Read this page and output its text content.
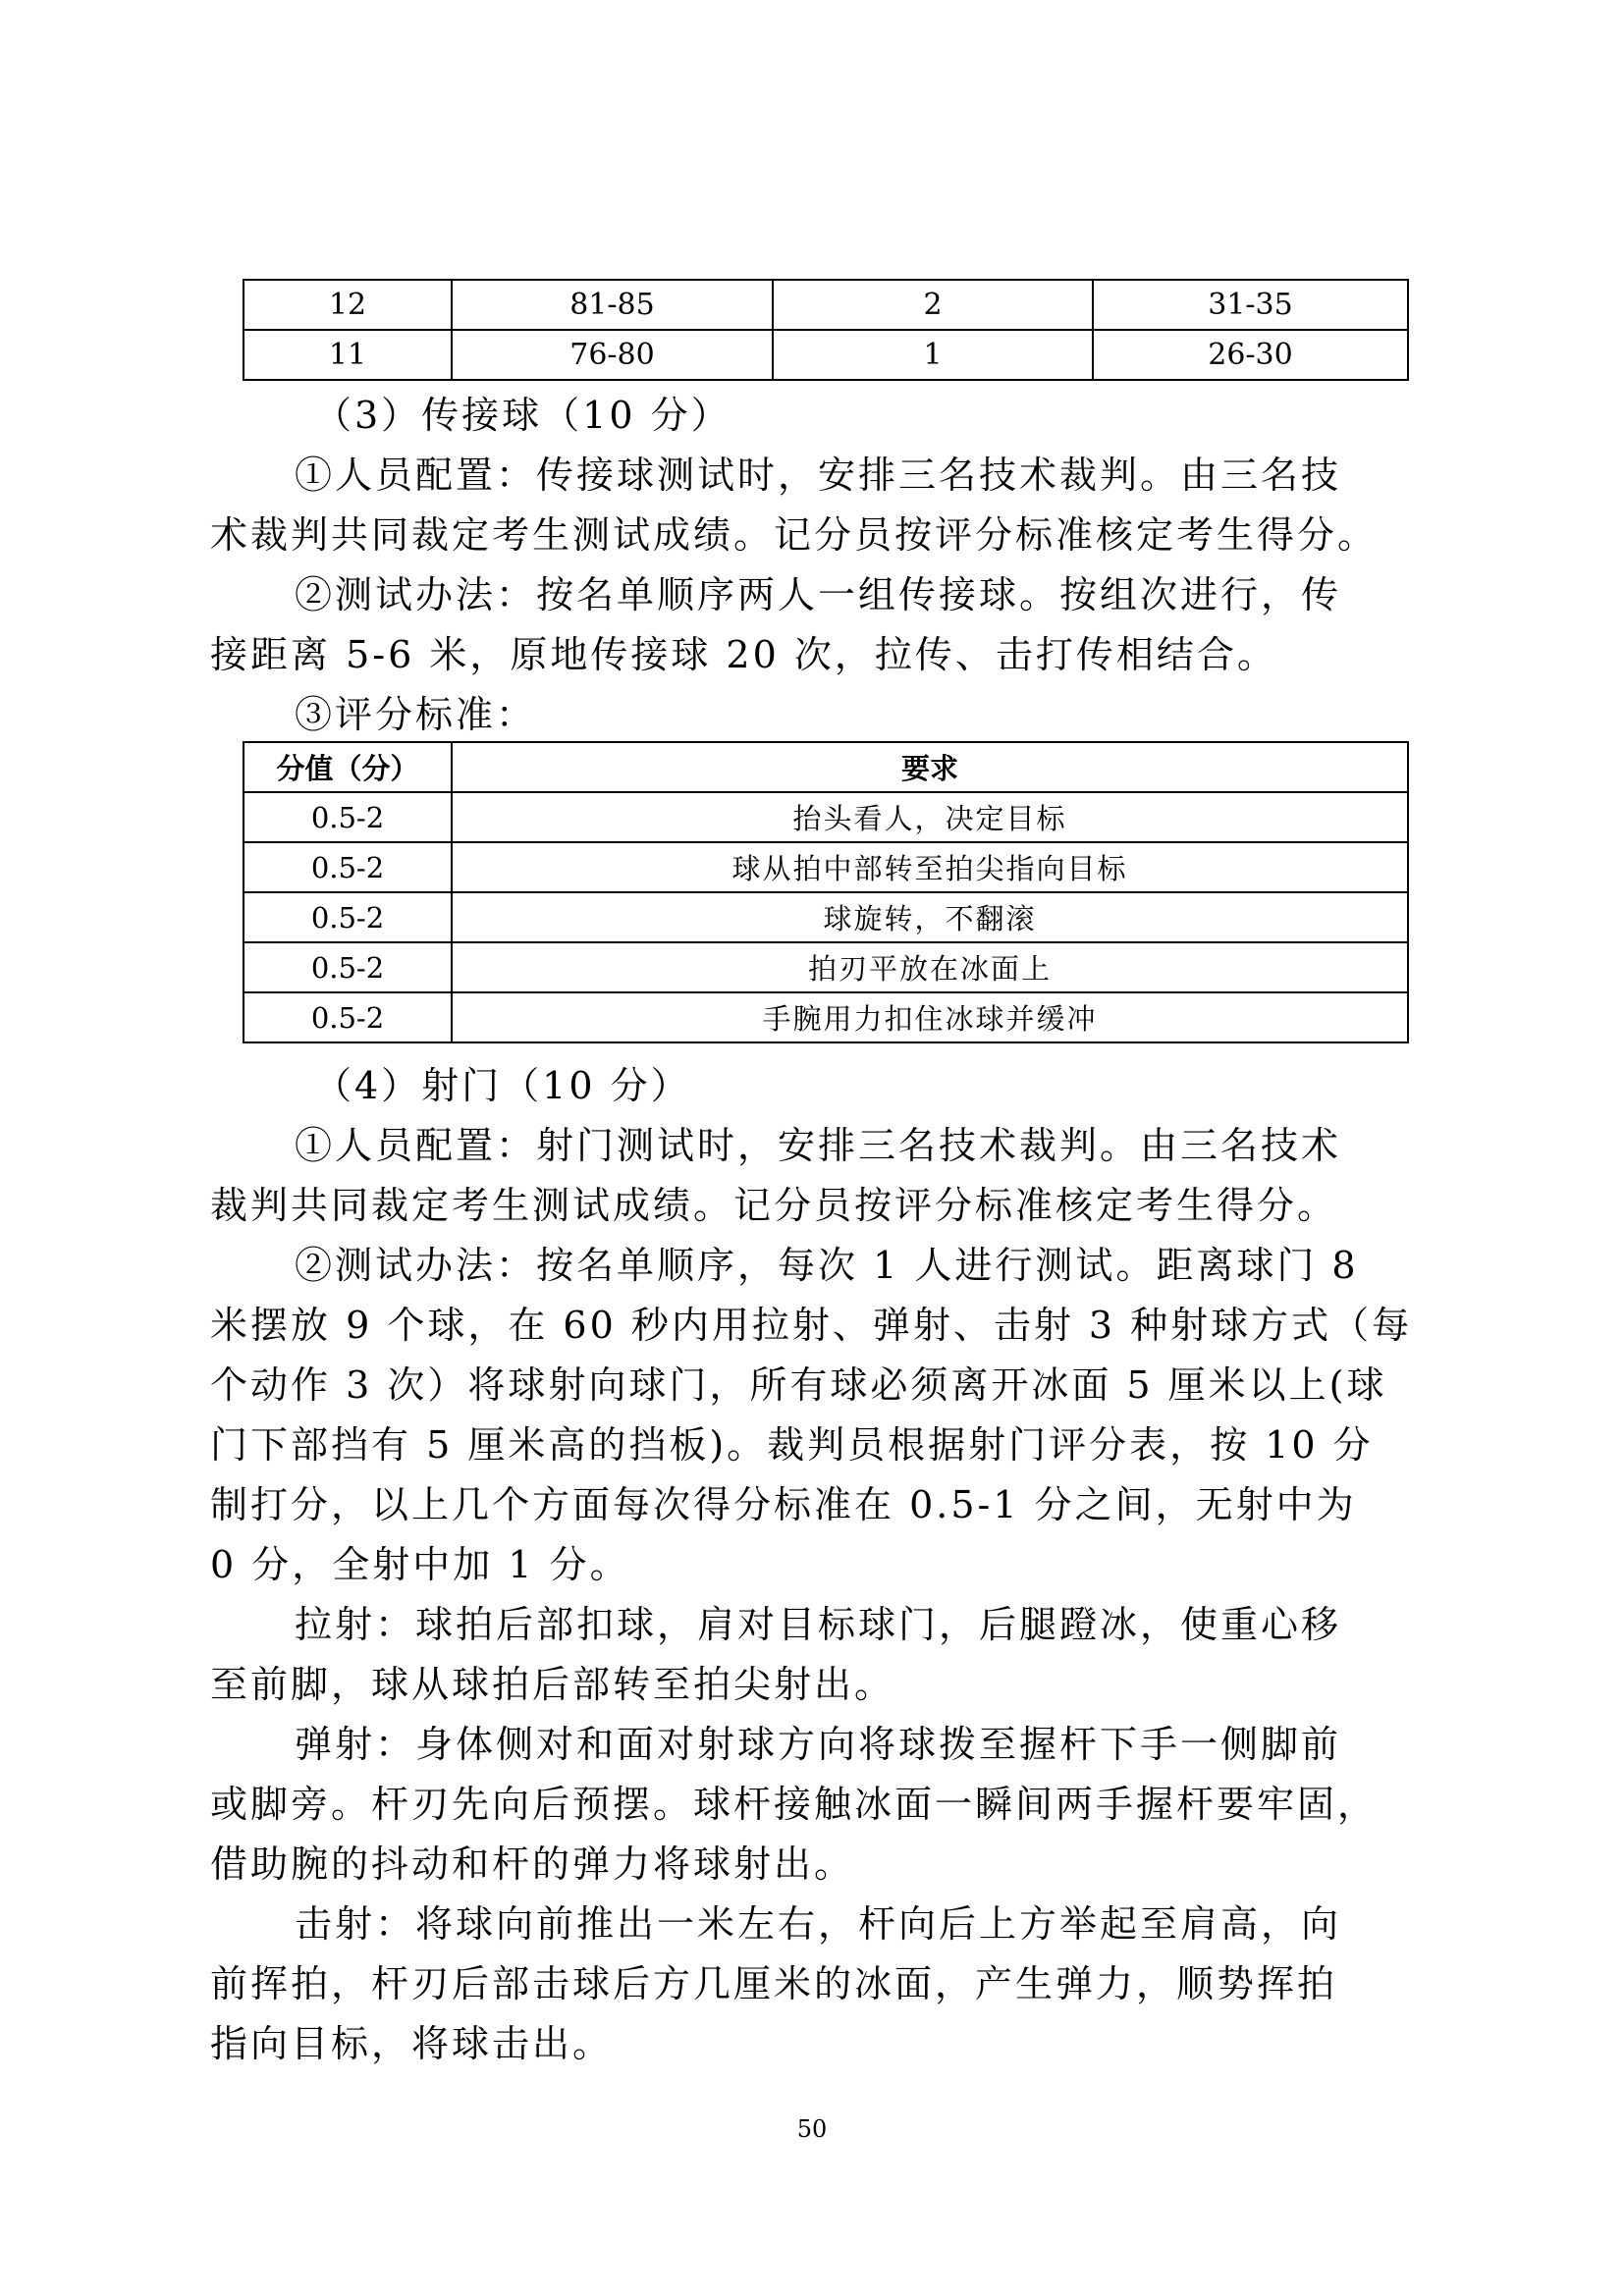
12	81-85	2	31-35
11	76-80	1	26-30
（3）传接球（10 分）
①人员配置：传接球测试时，安排三名技术裁判。由三名技
术裁判共同裁定考生测试成绩。记分员按评分标准核定考生得分。
②测试办法：按名单顺序两人一组传接球。按组次进行，传
接距离 5-6 米，原地传接球 20 次，拉传、击打传相结合。
③评分标准：
分值（分）	要求
0.5-2	抬头看人，决定目标
0.5-2	球从拍中部转至拍尖指向目标
0.5-2	球旋转，不翻滚
0.5-2	拍刃平放在冰面上
0.5-2	手腕用力扣住冰球并缓冲
（4）射门（10 分）
①人员配置：射门测试时，安排三名技术裁判。由三名技术
裁判共同裁定考生测试成绩。记分员按评分标准核定考生得分。
②测试办法：按名单顺序，每次 1 人进行测试。距离球门 8
米摆放 9 个球，在 60 秒内用拉射、弹射、击射 3 种射球方式（每
个动作 3 次）将球射向球门，所有球必须离开冰面 5 厘米以上(球
门下部挡有 5 厘米高的挡板)。裁判员根据射门评分表，按 10 分
制打分，以上几个方面每次得分标准在 0.5-1 分之间，无射中为
0 分，全射中加 1 分。
拉射：球拍后部扣球，肩对目标球门，后腿蹬冰，使重心移
至前脚，球从球拍后部转至拍尖射出。
弹射：身体侧对和面对射球方向将球拨至握杆下手一侧脚前
或脚旁。杆刃先向后预摆。球杆接触冰面一瞬间两手握杆要牢固，
借助腕的抖动和杆的弹力将球射出。
击射：将球向前推出一米左右，杆向后上方举起至肩高，向
前挥拍，杆刃后部击球后方几厘米的冰面，产生弹力，顺势挥拍
指向目标，将球击出。
50
